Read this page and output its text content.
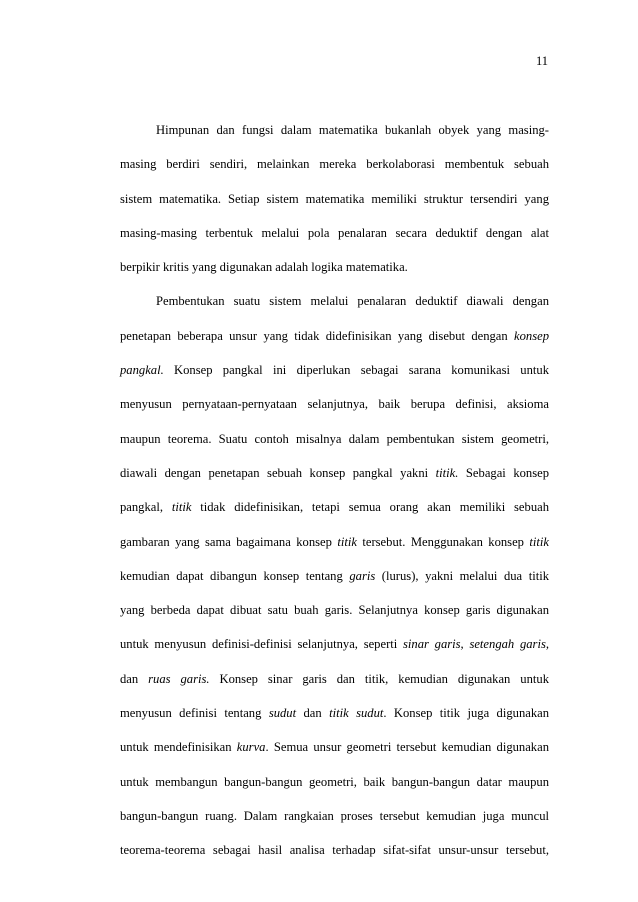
11
Himpunan dan fungsi dalam matematika bukanlah obyek yang masing-
masing berdiri sendiri, melainkan mereka berkolaborasi membentuk sebuah
sistem matematika. Setiap sistem matematika memiliki struktur tersendiri yang
masing-masing terbentuk melalui pola penalaran secara deduktif dengan alat
berpikir kritis yang digunakan adalah logika matematika.
Pembentukan suatu sistem melalui penalaran deduktif diawali dengan
penetapan beberapa unsur yang tidak didefinisikan yang disebut dengan konsep
pangkal. Konsep pangkal ini diperlukan sebagai sarana komunikasi untuk
menyusun pernyataan-pernyataan selanjutnya, baik berupa definisi, aksioma
maupun teorema. Suatu contoh misalnya dalam pembentukan sistem geometri,
diawali dengan penetapan sebuah konsep pangkal yakni titik. Sebagai konsep
pangkal, titik tidak didefinisikan, tetapi semua orang akan memiliki sebuah
gambaran yang sama bagaimana konsep titik tersebut. Menggunakan konsep titik
kemudian dapat dibangun konsep tentang garis (lurus), yakni melalui dua titik
yang berbeda dapat dibuat satu buah garis. Selanjutnya konsep garis digunakan
untuk menyusun definisi-definisi selanjutnya, seperti sinar garis, setengah garis,
dan ruas garis. Konsep sinar garis dan titik, kemudian digunakan untuk
menyusun definisi tentang sudut dan titik sudut. Konsep titik juga digunakan
untuk mendefinisikan kurva. Semua unsur geometri tersebut kemudian digunakan
untuk membangun bangun-bangun geometri, baik bangun-bangun datar maupun
bangun-bangun ruang. Dalam rangkaian proses tersebut kemudian juga muncul
teorema-teorema sebagai hasil analisa terhadap sifat-sifat unsur-unsur tersebut,
